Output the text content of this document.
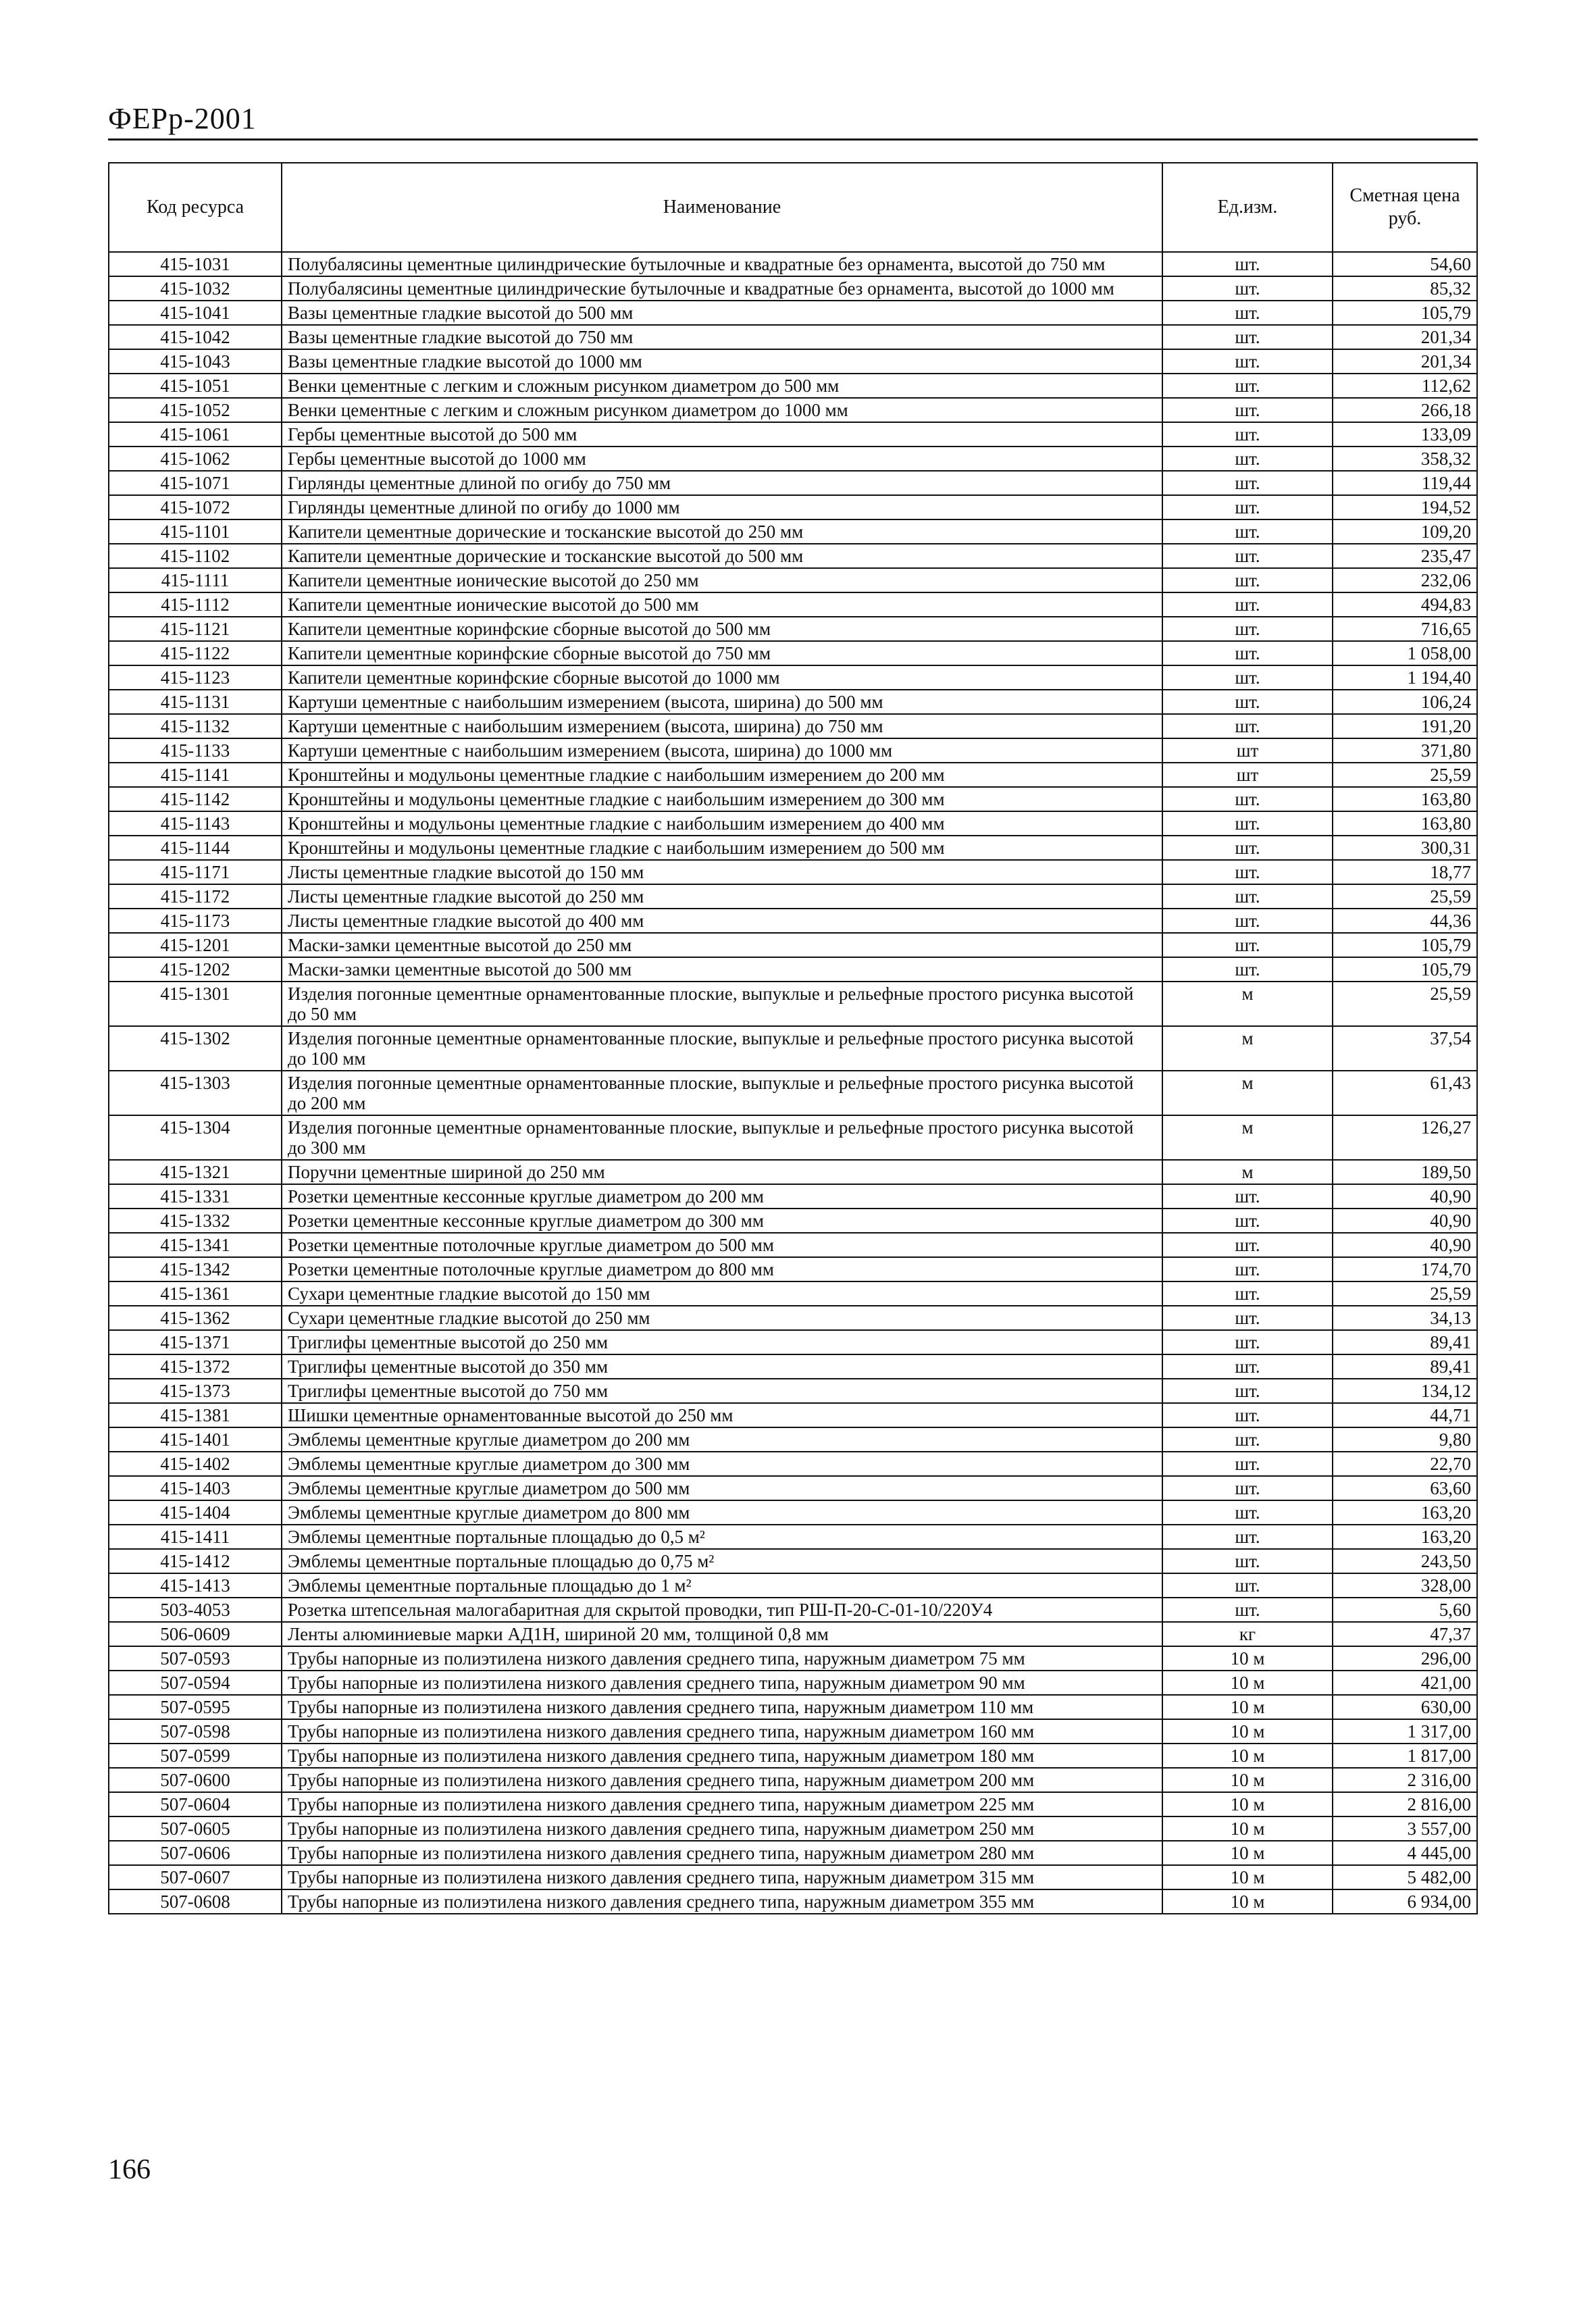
ФЕРр-2001
Код ресурса	Наименование	Ед.изм.	Сметная цена руб.
415-1031	Полубалясины цементные цилиндрические бутылочные и квадратные без орнамента, высотой до 750 мм	шт.	54,60
415-1032	Полубалясины цементные цилиндрические бутылочные и квадратные без орнамента, высотой до 1000 мм	шт.	85,32
415-1041	Вазы цементные гладкие высотой до 500 мм	шт.	105,79
415-1042	Вазы цементные гладкие высотой до 750 мм	шт.	201,34
415-1043	Вазы цементные гладкие высотой до 1000 мм	шт.	201,34
415-1051	Венки цементные с легким и сложным рисунком диаметром до 500 мм	шт.	112,62
415-1052	Венки цементные с легким и сложным рисунком диаметром до 1000 мм	шт.	266,18
415-1061	Гербы цементные высотой до 500 мм	шт.	133,09
415-1062	Гербы цементные высотой до 1000 мм	шт.	358,32
415-1071	Гирлянды цементные длиной по огибу до 750 мм	шт.	119,44
415-1072	Гирлянды цементные длиной по огибу до 1000 мм	шт.	194,52
415-1101	Капители цементные дорические и тосканские высотой до 250 мм	шт.	109,20
415-1102	Капители цементные дорические и тосканские высотой до 500 мм	шт.	235,47
415-1111	Капители цементные ионические высотой до 250 мм	шт.	232,06
415-1112	Капители цементные ионические высотой до 500 мм	шт.	494,83
415-1121	Капители цементные коринфские сборные высотой до 500 мм	шт.	716,65
415-1122	Капители цементные коринфские сборные высотой до 750 мм	шт.	1 058,00
415-1123	Капители цементные коринфские сборные высотой до 1000 мм	шт.	1 194,40
415-1131	Картуши цементные с наибольшим измерением (высота, ширина) до 500 мм	шт.	106,24
415-1132	Картуши цементные с наибольшим измерением (высота, ширина) до 750 мм	шт.	191,20
415-1133	Картуши цементные с наибольшим измерением (высота, ширина) до 1000 мм	шт	371,80
415-1141	Кронштейны и модульоны цементные гладкие с наибольшим измерением до 200 мм	шт	25,59
415-1142	Кронштейны и модульоны цементные гладкие с наибольшим измерением до 300 мм	шт.	163,80
415-1143	Кронштейны и модульоны цементные гладкие с наибольшим измерением до 400 мм	шт.	163,80
415-1144	Кронштейны и модульоны цементные гладкие с наибольшим измерением до 500 мм	шт.	300,31
415-1171	Листы цементные гладкие высотой до 150 мм	шт.	18,77
415-1172	Листы цементные гладкие высотой до 250 мм	шт.	25,59
415-1173	Листы цементные гладкие высотой до 400 мм	шт.	44,36
415-1201	Маски-замки цементные высотой до 250 мм	шт.	105,79
415-1202	Маски-замки цементные высотой до 500 мм	шт.	105,79
415-1301	Изделия погонные цементные орнаментованные плоские, выпуклые и рельефные простого рисунка высотой до 50 мм	м	25,59
415-1302	Изделия погонные цементные орнаментованные плоские, выпуклые и рельефные простого рисунка высотой до 100 мм	м	37,54
415-1303	Изделия погонные цементные орнаментованные плоские, выпуклые и рельефные простого рисунка высотой до 200 мм	м	61,43
415-1304	Изделия погонные цементные орнаментованные плоские, выпуклые и рельефные простого рисунка высотой до 300 мм	м	126,27
415-1321	Поручни цементные шириной до 250 мм	м	189,50
415-1331	Розетки цементные кессонные круглые диаметром до 200 мм	шт.	40,90
415-1332	Розетки цементные кессонные круглые диаметром до 300 мм	шт.	40,90
415-1341	Розетки цементные потолочные круглые диаметром до 500 мм	шт.	40,90
415-1342	Розетки цементные потолочные круглые диаметром до 800 мм	шт.	174,70
415-1361	Сухари цементные гладкие высотой до 150 мм	шт.	25,59
415-1362	Сухари цементные гладкие высотой до 250 мм	шт.	34,13
415-1371	Триглифы цементные высотой до 250 мм	шт.	89,41
415-1372	Триглифы цементные высотой до 350 мм	шт.	89,41
415-1373	Триглифы цементные высотой до 750 мм	шт.	134,12
415-1381	Шишки цементные орнаментованные высотой до 250 мм	шт.	44,71
415-1401	Эмблемы цементные круглые диаметром до 200 мм	шт.	9,80
415-1402	Эмблемы цементные круглые диаметром до 300 мм	шт.	22,70
415-1403	Эмблемы цементные круглые диаметром до 500 мм	шт.	63,60
415-1404	Эмблемы цементные круглые диаметром до 800 мм	шт.	163,20
415-1411	Эмблемы цементные портальные площадью до 0,5 м²	шт.	163,20
415-1412	Эмблемы цементные портальные площадью до 0,75 м²	шт.	243,50
415-1413	Эмблемы цементные портальные площадью до 1 м²	шт.	328,00
503-4053	Розетка штепсельная малогабаритная для скрытой проводки, тип РШ-П-20-С-01-10/220У4	шт.	5,60
506-0609	Ленты алюминиевые марки АД1Н, шириной 20 мм, толщиной 0,8 мм	кг	47,37
507-0593	Трубы напорные из полиэтилена низкого давления среднего типа, наружным диаметром 75 мм	10 м	296,00
507-0594	Трубы напорные из полиэтилена низкого давления среднего типа, наружным диаметром 90 мм	10 м	421,00
507-0595	Трубы напорные из полиэтилена низкого давления среднего типа, наружным диаметром 110 мм	10 м	630,00
507-0598	Трубы напорные из полиэтилена низкого давления среднего типа, наружным диаметром 160 мм	10 м	1 317,00
507-0599	Трубы напорные из полиэтилена низкого давления среднего типа, наружным диаметром 180 мм	10 м	1 817,00
507-0600	Трубы напорные из полиэтилена низкого давления среднего типа, наружным диаметром 200 мм	10 м	2 316,00
507-0604	Трубы напорные из полиэтилена низкого давления среднего типа, наружным диаметром 225 мм	10 м	2 816,00
507-0605	Трубы напорные из полиэтилена низкого давления среднего типа, наружным диаметром 250 мм	10 м	3 557,00
507-0606	Трубы напорные из полиэтилена низкого давления среднего типа, наружным диаметром 280 мм	10 м	4 445,00
507-0607	Трубы напорные из полиэтилена низкого давления среднего типа, наружным диаметром 315 мм	10 м	5 482,00
507-0608	Трубы напорные из полиэтилена низкого давления среднего типа, наружным диаметром 355 мм	10 м	6 934,00
166
